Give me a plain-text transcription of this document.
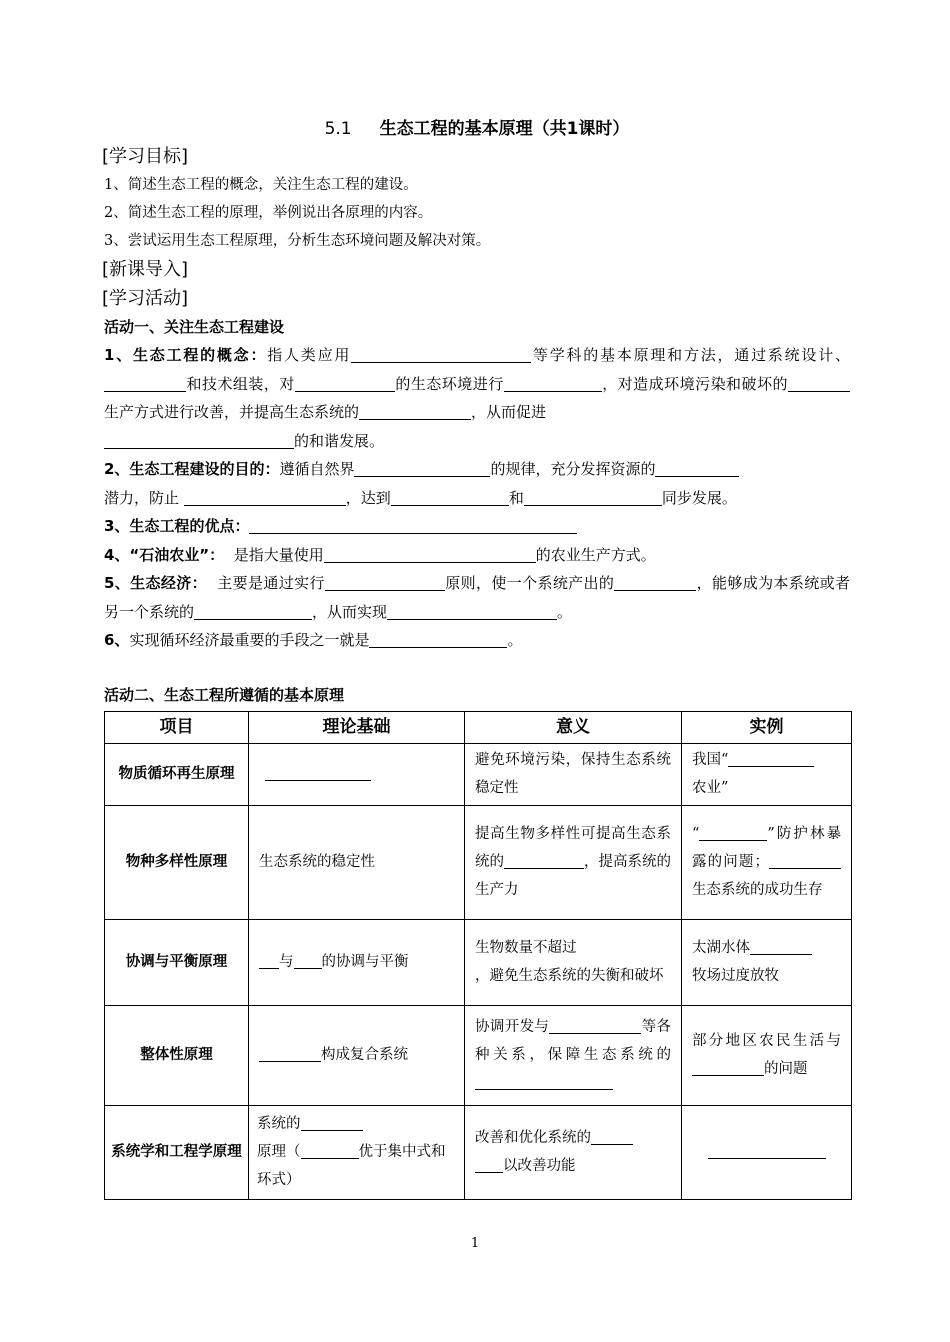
5.1 生态工程的基本原理（共1课时）
[学习目标]
1、简述生态工程的概念，关注生态工程的建设。
2、简述生态工程的原理，举例说出各原理的内容。
3、尝试运用生态工程原理，分析生态环境问题及解决对策。
[新课导入]
[学习活动]
活动一、关注生态工程建设
1、生态工程的概念：指人类应用	等学科的基本原理和方法，通过系统设计、和技术组装，对	的生态环境进行	，对造成环境污染和破坏的生产方式进行改善，并提高生态系统的	，从而促进
的和谐发展。
2、生态工程建设的目的：遵循自然界	的规律，充分发挥资源的
潜力，防止	，达到	和	同步发展。
3、生态工程的优点：
4、“石油农业”： 是指大量使用	的农业生产方式。
5、生态经济： 主要是通过实行	原则，使一个系统产出的	，能够成为本系统或者另一个系统的	，从而实现	。
6、实现循环经济最重要的手段之一就是	。
活动二、生态工程所遵循的基本原理
项目	理论基础	意义	实例
物质循环再生原理		避免环境污染，保持生态系统稳定性	我国“
农业”
物种多样性原理	生态系统的稳定性	提高生物多样性可提高生态系统的 ，提高系统的生产力	“ ”防护林暴露的问题；生态系统的成功生存
协调与平衡原理	与 的协调与平衡	生物数量不超过
，避免生态系统的失衡和破坏	太湖水体
牧场过度放牧
整体性原理	构成复合系统	协调开发与 等各种关系，保障生态系统的	部分地区农民生活与的问题
系统学和工程学原理	系统的
原理（ 优于集中式和环式）	改善和优化系统的
以改善功能	
1
